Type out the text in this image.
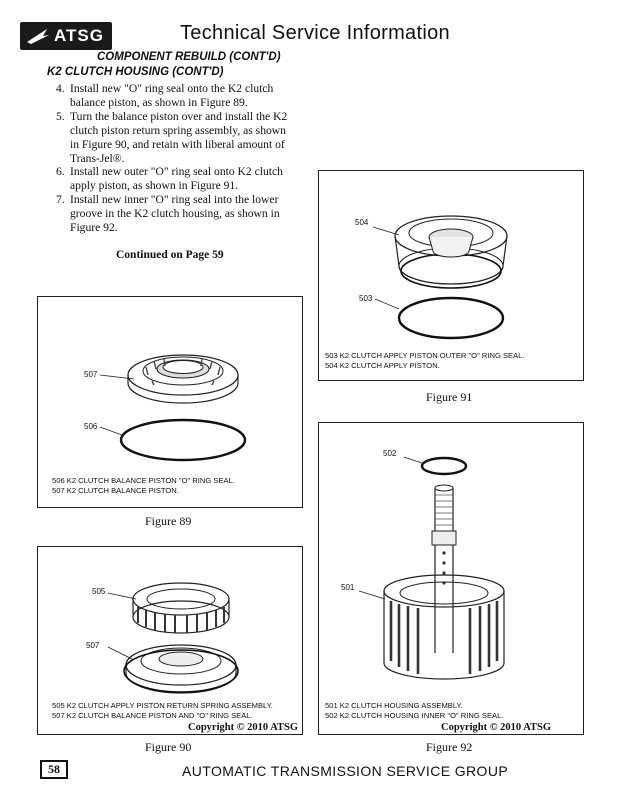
ATSG	Technical Service Information
COMPONENT REBUILD (CONT'D)
K2 CLUTCH HOUSING (CONT'D)
4. Install new "O" ring seal onto the K2 clutch
balance piston, as shown in Figure 89.
5. Turn the balance piston over and install the K2
clutch piston return spring assembly, as shown
in Figure 90, and retain with liberal amount of
Trans-Jel®.
6. Install new outer "O" ring seal onto K2 clutch
apply piston, as shown in Figure 91.
7. Install new inner "O" ring seal into the lower
groove in the K2 clutch housing, as shown in
Figure 92.
Continued on Page 59
507
506
506 K2 CLUTCH BALANCE PISTON "O" RING SEAL.
507 K2 CLUTCH BALANCE PISTON.
Figure 89
505
507
505 K2 CLUTCH APPLY PISTON RETURN SPRING ASSEMBLY.
507 K2 CLUTCH BALANCE PISTON AND "O" RING SEAL.
Copyright © 2010 ATSG
Figure 90
504
503
503 K2 CLUTCH APPLY PISTON OUTER "O" RING SEAL.
504 K2 CLUTCH APPLY PISTON.
Figure 91
502
501
501 K2 CLUTCH HOUSING ASSEMBLY.
502 K2 CLUTCH HOUSING INNER "O" RING SEAL.
Copyright © 2010 ATSG
Figure 92
58	AUTOMATIC TRANSMISSION SERVICE GROUP
